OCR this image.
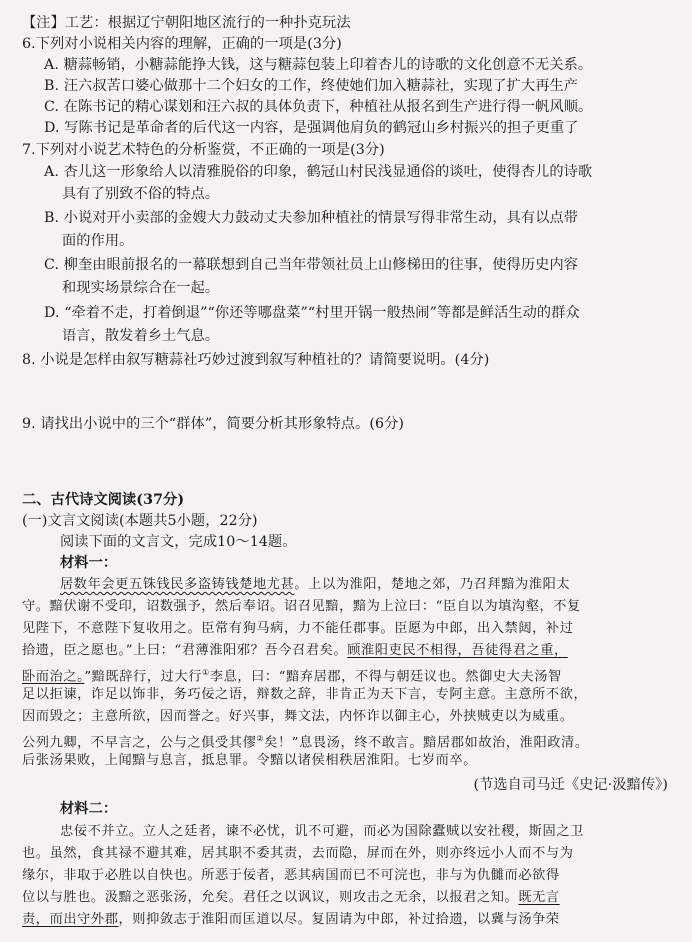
【注】工艺：根据辽宁朝阳地区流行的一种扑克玩法
6.下列对小说相关内容的理解，正确的一项是(3分)
A. 糖蒜畅销，小糖蒜能挣大钱，这与糖蒜包装上印着杏儿的诗歌的文化创意不无关系。
B. 汪六叔苦口婆心做那十二个妇女的工作，终使她们加入糖蒜社，实现了扩大再生产
C. 在陈书记的精心谋划和汪六叔的具体负责下，种植社从报名到生产进行得一帆风顺。
D. 写陈书记是革命者的后代这一内容，是强调他肩负的鹤冠山乡村振兴的担子更重了
7.下列对小说艺术特色的分析鉴赏，不正确的一项是(3分)
A. 杏儿这一形象给人以清雅脱俗的印象，鹤冠山村民浅显通俗的谈吐，使得杏儿的诗歌
具有了别致不俗的特点。
B. 小说对开小卖部的金嫂大力鼓动丈夫参加种植社的情景写得非常生动，具有以点带
面的作用。
C. 柳奎由眼前报名的一幕联想到自己当年带领社员上山修梯田的往事，使得历史内容
和现实场景综合在一起。
D. “牵着不走，打着倒退”“你还等哪盘菜”“村里开锅一般热闹”等都是鲜活生动的群众
语言，散发着乡土气息。
8. 小说是怎样由叙写糖蒜社巧妙过渡到叙写种植社的？请简要说明。(4分)
9. 请找出小说中的三个“群体”，简要分析其形象特点。(6分)
二、古代诗文阅读(37分)
(一)文言文阅读(本题共5小题，22分)
阅读下面的文言文，完成10～14题。
材料一：
居数年会更五铢钱民多盗铸钱楚地尤甚。上以为淮阳，楚地之郊，乃召拜黯为淮阳太
守。黯伏谢不受印，诏数强予，然后奉诏。诏召见黯，黯为上泣曰：“臣自以为填沟壑，不复
见陛下，不意陛下复收用之。臣常有狗马病，力不能任郡事。臣愿为中郎，出入禁闼，补过
拾遗，臣之愿也。”上曰：“君薄淮阳邪？吾今召君矣。顾淮阳吏民不相得，吾徒得君之重，
卧而治之。”黯既辞行，过大行①李息，曰：“黯弃居郡，不得与朝廷议也。然御史大夫汤智
足以拒谏，诈足以饰非，务巧佞之语，辩数之辞，非肯正为天下言，专阿主意。主意所不欲，
因而毁之；主意所欲，因而誉之。好兴事，舞文法，内怀诈以御主心，外挟贼吏以为威重。
公列九卿，不早言之，公与之俱受其僇②矣！”息畏汤，终不敢言。黯居郡如故治，淮阳政清。
后张汤果败，上闻黯与息言，抵息罪。令黯以诸侯相秩居淮阳。七岁而卒。
(节选自司马迁《史记·汲黯传》)
材料二：
忠佞不并立。立人之廷者，谏不必忧，讥不可避，而必为国除蠹贼以安社稷，斯固之卫
也。虽然，食其禄不避其难，居其职不委其责，去而隐，屏而在外，则亦终远小人而不与为
缘尔，非取于必胜以自快也。所恶于佞者，恶其病国而已不可浣也，非与为仇雠而必欲得
位以与胜也。汲黯之恶张汤，允矣。君任之以讽议，则攻击之无余，以报君之知。既无言
责，而出守外郡，则抑敛志于淮阳而匡道以尽。复固请为中郎，补过拾遗，以冀与汤争荣
